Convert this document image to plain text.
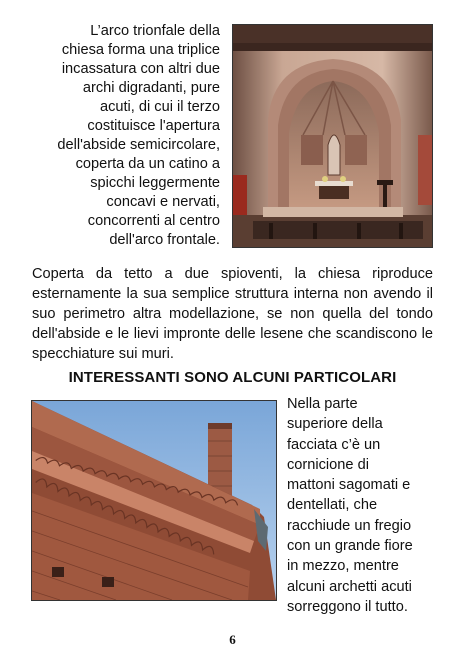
L’arco trionfale della
chiesa forma una triplice
incassatura con altri due
archi digradanti, pure
acuti, di cui il terzo
costituisce l'apertura
dell'abside semicircolare,
coperta da un catino a
spicchi leggermente
concavi e nervati,
concorrenti al centro
dell'arco frontale.

Coperta da tetto a due spioventi, la chiesa riproduce esternamente la sua semplice struttura interna non avendo il suo perimetro altra modellazione, se non quella del tondo dell'abside e le lievi impronte delle lesene che scandiscono le specchiature sui muri.

INTERESSANTI SONO ALCUNI PARTICOLARI

Nella parte
superiore della
facciata c’è un
cornicione di
mattoni sagomati e
dentellati, che
racchiude un fregio
con un grande fiore
in mezzo, mentre
alcuni archetti acuti
sorreggono il tutto.

6
